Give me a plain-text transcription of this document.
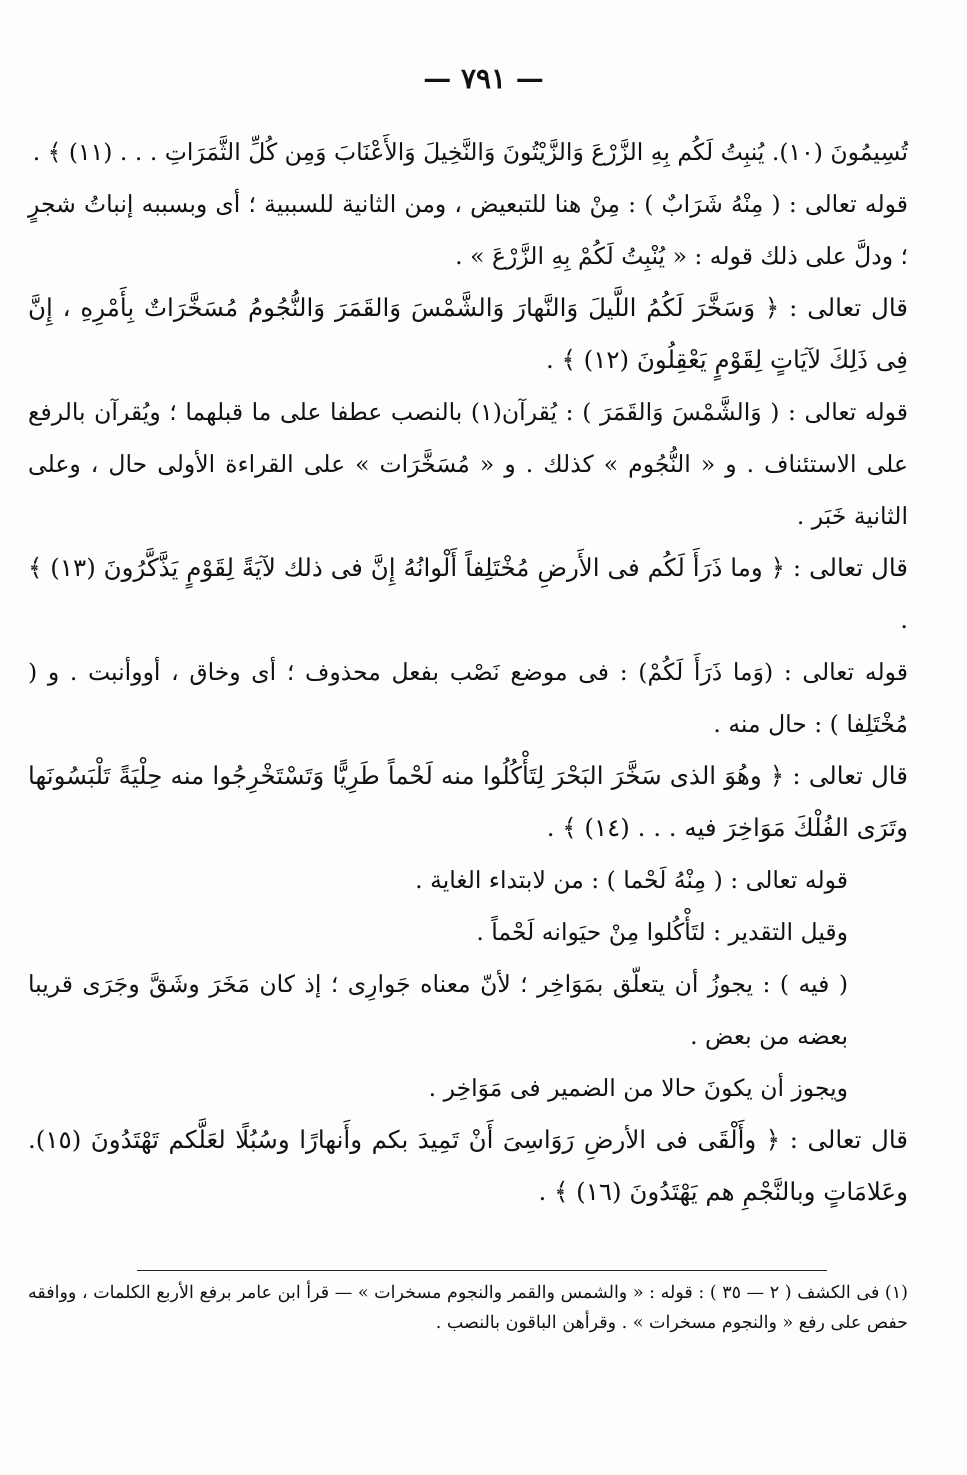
— ٧٩١ —

تُسِيمُونَ (١٠). يُنبِتُ لَكُم بِهِ الزَّرْعَ وَالزَّيْتُونَ وَالنَّخِيلَ وَالأَعْنَابَ وَمِن كُلِّ الثَّمَرَاتِ . . . (١١) ﴾ .

قوله تعالى : ( مِنْهُ شَرَابٌ ) : مِنْ هنا للتبعيض ، ومن الثانية للسببية ؛ أى وبسببه إنباتُ شجرٍ ؛ ودلَّ على ذلك قوله : « يُنْبِتُ لَكُمْ بِهِ الزَّرْعَ » .

قال تعالى : ﴿ وَسَخَّرَ لَكُمُ اللَّيلَ وَالنَّهارَ وَالشَّمْسَ وَالقَمَرَ وَالنُّجُومُ مُسَخَّرَاتٌ بِأَمْرِهِ ، إِنَّ فِى ذَلِكَ لآيَاتٍ لِقَوْمٍ يَعْقِلُونَ (١٢) ﴾ .

قوله تعالى : ( وَالشَّمْسَ وَالقَمَرَ ) : يُقرآن(١) بالنصب عطفا على ما قبلهما ؛ ويُقرآن بالرفع على الاستئناف . و « النُّجُوم » كذلك . و « مُسَخَّرَات » على القراءة الأولى حال ، وعلى الثانية خَبَر .

قال تعالى : ﴿ وما ذَرَأَ لَكُم فى الأَرضِ مُخْتَلِفاً أَلْوانُهُ إِنَّ فى ذلك لآيَةً لِقَوْمٍ يَذَّكَّرُونَ (١٣) ﴾ .

قوله تعالى : (وَما ذَرَأَ لَكُمْ) : فى موضع نَصْب بفعل محذوف ؛ أى وخاق ، أووأنبت . و ( مُخْتَلِفا ) : حال منه .

قال تعالى : ﴿ وهُوَ الذى سَخَّرَ البَحْرَ لِتَأْكُلُوا منه لَحْماً طَرِيًّا وَتَسْتَخْرِجُوا منه حِلْيَةً تَلْبَسُونَها وتَرَى الفُلْكَ مَوَاخِرَ فيه . . . (١٤) ﴾ .

قوله تعالى : ( مِنْهُ لَحْما ) : من لابتداء الغاية .

وقيل التقدير : لتَأْكُلوا مِنْ حيَوانه لَحْماً .

( فيه ) : يجوزُ أن يتعلّق بمَوَاخِر ؛ لأنّ معناه جَوارِى ؛ إذ كان مَخَرَ وشَقَّ وجَرَى قريبا بعضه من بعض .

ويجوز أن يكونَ حالا من الضمير فى مَوَاخِر .

قال تعالى : ﴿ وأَلْقَى فى الأرضِ رَوَاسِىَ أَنْ تَمِيدَ بكم وأَنهارًا وسُبُلًا لعَلَّكم تَهْتَدُونَ (١٥). وعَلامَاتٍ وبالنَّجْمِ هم يَهْتَدُونَ (١٦) ﴾ .

(١) فى الكشف ( ٢ — ٣٥ ) : قوله : « والشمس والقمر والنجوم مسخرات » — قرأ ابن عامر برفع الأربع الكلمات ، ووافقه حفص على رفع « والنجوم مسخرات » . وقرأهن الباقون بالنصب .
